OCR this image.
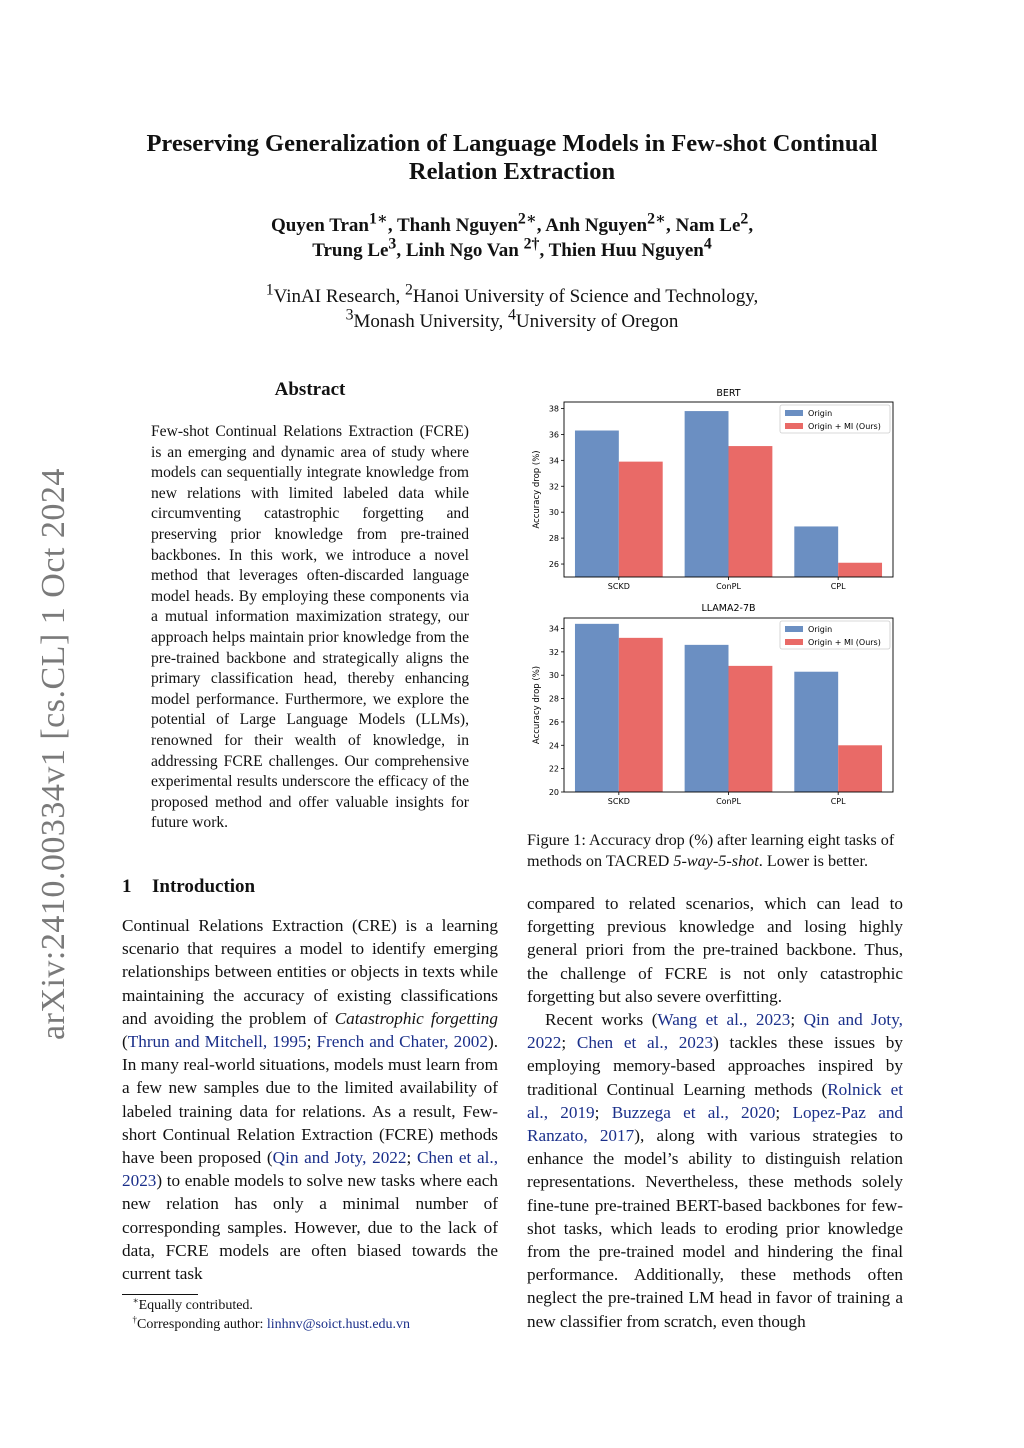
Preserving Generalization of Language Models in Few-shot Continual
Relation Extraction
Quyen Tran$^{1∗}$, Thanh Nguyen$^{2∗}$, Anh Nguyen$^{2∗}$, Nam Le$^2$,
Trung Le$^3$, Linh Ngo Van $^{2\dagger}$, Thien Huu Nguyen$^4$
$^1$VinAI Research, $^2$Hanoi University of Science and Technology,
$^3$Monash University, $^4$University of Oregon
arXiv:2410.00334v1 [cs.CL] 1 Oct 2024
Abstract
Few-shot Continual Relations Extraction (FCRE) is an emerging and dynamic area of study where models can sequentially integrate knowledge from new relations with limited labeled data while circumventing catastrophic forgetting and preserving prior knowledge from pre-trained backbones. In this work, we introduce a novel method that leverages often-discarded language model heads. By employing these components via a mutual information maximization strategy, our approach helps maintain prior knowledge from the pre-trained backbone and strategically aligns the primary classification head, thereby enhancing model performance. Furthermore, we explore the potential of Large Language Models (LLMs), renowned for their wealth of knowledge, in addressing FCRE challenges. Our comprehensive experimental results underscore the efficacy of the proposed method and offer valuable insights for future work.
1 Introduction

Continual Relations Extraction (CRE) is a learning scenario that requires a model to identify emerging relationships between entities or objects in texts while maintaining the accuracy of existing classifications and avoiding the problem of Catastrophic forgetting (Thrun and Mitchell, 1995; French and Chater, 2002). In many real-world situations, models must learn from a few new samples due to the limited availability of labeled training data for relations. As a result, Few-short Continual Relation Extraction (FCRE) methods have been proposed (Qin and Joty, 2022; Chen et al., 2023) to enable models to solve new tasks where each new relation has only a minimal number of corresponding samples. However, due to the lack of data, FCRE models are often biased towards the current task

∗Equally contributed.
†Corresponding author: linhnv@soict.hust.edu.vn
BERT
SCKD	ConPL	CPL
26
28
30
32
34
36
38
Accuracy drop (%)
Origin
Origin + MI (Ours)
LLAMA2-7B
SCKD	ConPL	CPL
20
22
24
26
28
30
32
34
Accuracy drop (%)
Origin
Origin + MI (Ours)
Figure 1: Accuracy drop (%) after learning eight tasks of methods on TACRED 5-way-5-shot. Lower is better.

compared to related scenarios, which can lead to forgetting previous knowledge and losing highly general priori from the pre-trained backbone. Thus, the challenge of FCRE is not only catastrophic forgetting but also severe overfitting.

Recent works (Wang et al., 2023; Qin and Joty, 2022; Chen et al., 2023) tackles these issues by employing memory-based approaches inspired by traditional Continual Learning methods (Rolnick et al., 2019; Buzzega et al., 2020; Lopez-Paz and Ranzato, 2017), along with various strategies to enhance the model’s ability to distinguish relation representations. Nevertheless, these methods solely fine-tune pre-trained BERT-based backbones for few-shot tasks, which leads to eroding prior knowledge from the pre-trained model and hindering the final performance. Additionally, these methods often neglect the pre-trained LM head in favor of training a new classifier from scratch, even though
